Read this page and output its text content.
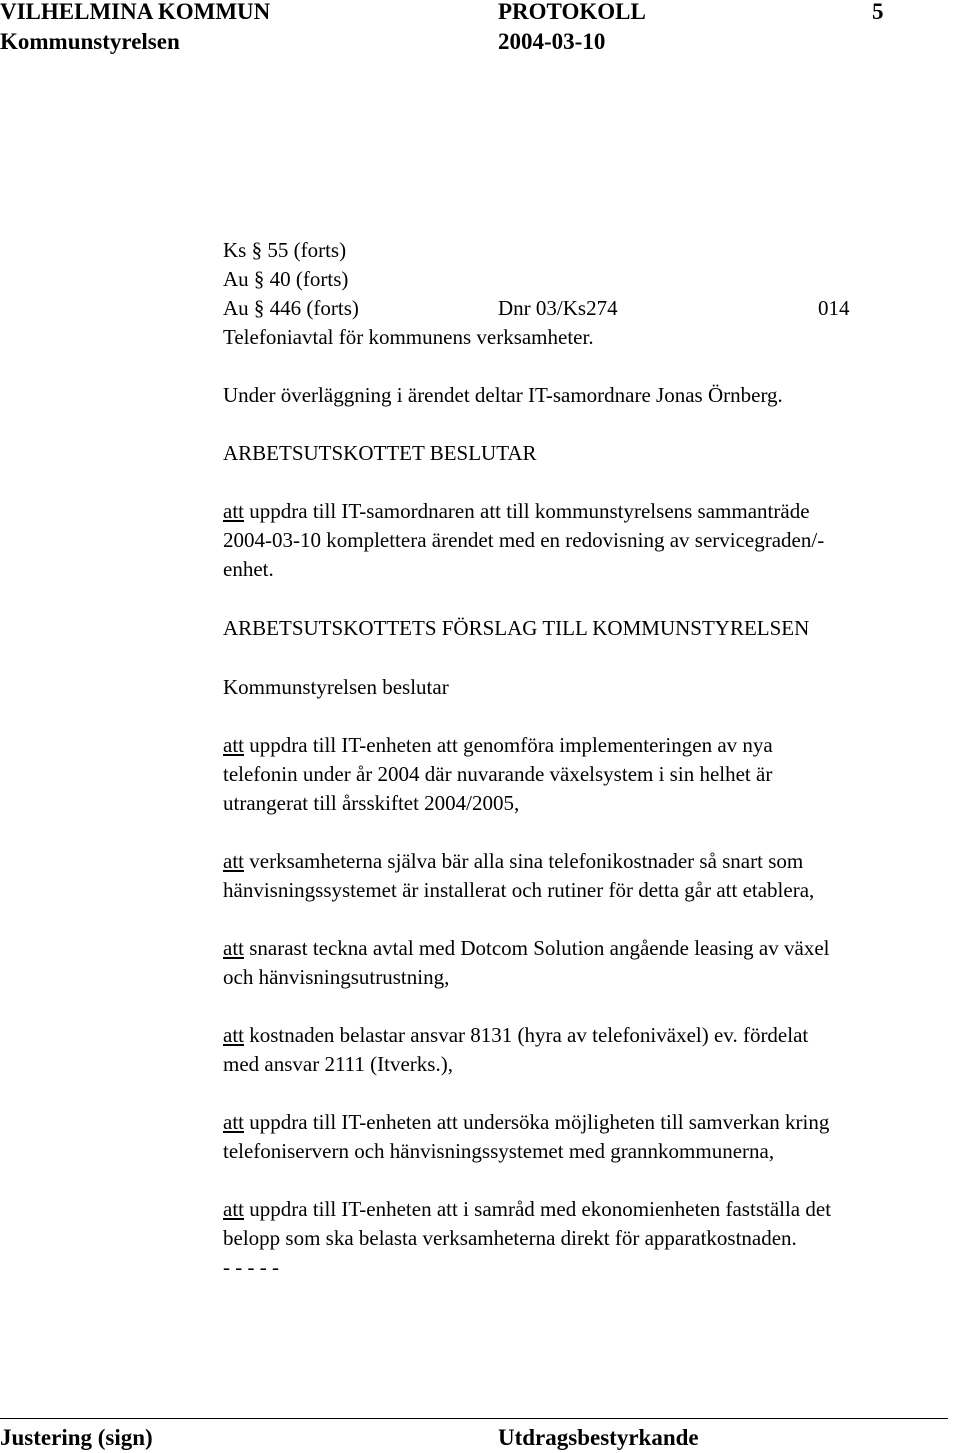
VILHELMINA KOMMUN	PROTOKOLL	5
Kommunstyrelsen	2004-03-10
Ks § 55 (forts)
Au § 40 (forts)
Au § 446 (forts)	Dnr 03/Ks274	014
Telefoniavtal för kommunens verksamheter.
Under överläggning i ärendet deltar IT-samordnare Jonas Örnberg.
ARBETSUTSKOTTET BESLUTAR
att uppdra till IT-samordnaren att till kommunstyrelsens sammanträde
2004-03-10 komplettera ärendet med en redovisning av servicegraden/-
enhet.
ARBETSUTSKOTTETS FÖRSLAG TILL KOMMUNSTYRELSEN
Kommunstyrelsen beslutar
att uppdra till IT-enheten att genomföra implementeringen av nya
telefonin under år 2004 där nuvarande växelsystem i sin helhet är
utrangerat till årsskiftet 2004/2005,
att verksamheterna själva bär alla sina telefonikostnader så snart som
hänvisningssystemet är installerat och rutiner för detta går att etablera,
att snarast teckna avtal med Dotcom Solution angående leasing av växel
och hänvisningsutrustning,
att kostnaden belastar ansvar 8131 (hyra av telefoniväxel) ev. fördelat
med ansvar 2111 (Itverks.),
att uppdra till IT-enheten att undersöka möjligheten till samverkan kring
telefoniservern och hänvisningssystemet med grannkommunerna,
att uppdra till IT-enheten att i samråd med ekonomienheten fastställa det
belopp som ska belasta verksamheterna direkt för apparatkostnaden.
- - - - -
Justering (sign)	Utdragsbestyrkande
